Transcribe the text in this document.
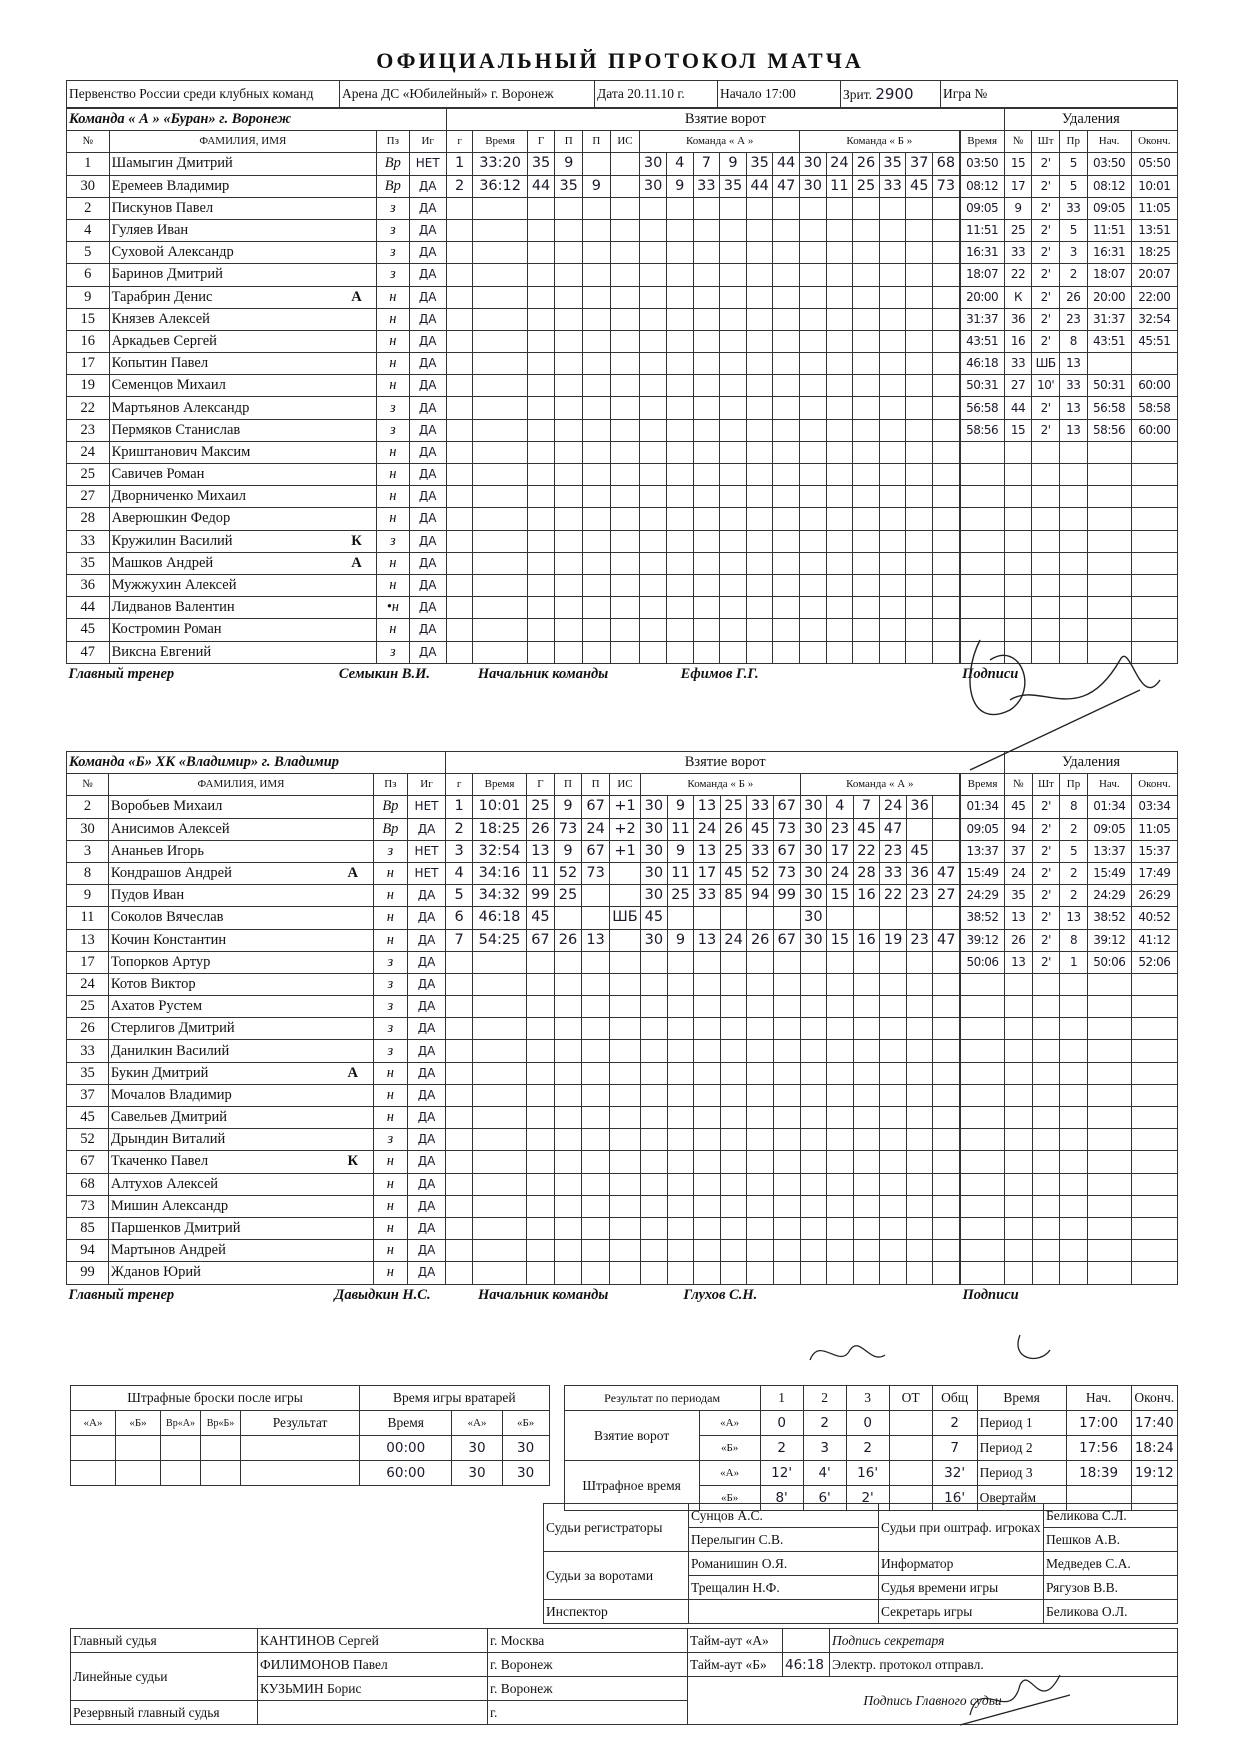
ОФИЦИАЛЬНЫЙ ПРОТОКОЛ МАТЧА
Первенство России среди клубных команд	Арена ДС «Юбилейный» г. Воронеж	Дата 20.11.10 г.	Начало 17:00	Зрит. 2900	Игра №
Команда « А » «Буран» г. Воронеж					Взятие ворот																			Удаления				
№	ФАМИЛИЯ, ИМЯ		Пз	Иг	г	Время	Г	П	П	ИС	Команда « А »						Команда « Б »						Время	№	Шт	Пр	Нач.	Оконч.
1	Шамыгин Дмитрий		Вр	НЕТ	1	33:20	35	9			30	4	7	9	35	44	30	24	26	35	37	68		03:50	15	2'	5	03:50	05:50
30	Еремеев Владимир		Вр	ДА	2	36:12	44	35	9		30	9	33	35	44	47	30	11	25	33	45	73		08:12	17	2'	5	08:12	10:01
2	Пискунов Павел		з	ДА																				09:05	9	2'	33	09:05	11:05
4	Гуляев Иван		з	ДА																				11:51	25	2'	5	11:51	13:51
5	Суховой Александр		з	ДА																				16:31	33	2'	3	16:31	18:25
6	Баринов Дмитрий		з	ДА																				18:07	22	2'	2	18:07	20:07
9	Тарабрин Денис	А	н	ДА																				20:00	К	2'	26	20:00	22:00
15	Князев Алексей		н	ДА																				31:37	36	2'	23	31:37	32:54
16	Аркадьев Сергей		н	ДА																				43:51	16	2'	8	43:51	45:51
17	Копытин Павел		н	ДА																				46:18	33	ШБ	13		
19	Семенцов Михаил		н	ДА																				50:31	27	10'	33	50:31	60:00
22	Мартьянов Александр		з	ДА																				56:58	44	2'	13	56:58	58:58
23	Пермяков Станислав		з	ДА																				58:56	15	2'	13	58:56	60:00
24	Криштанович Максим		н	ДА																									
25	Савичев Роман		н	ДА																									
27	Дворниченко Михаил		н	ДА																									
28	Аверюшкин Федор		н	ДА																									
33	Кружилин Василий	К	з	ДА																									
35	Машков Андрей	А	н	ДА																									
36	Мужжухин Алексей		н	ДА																									
44	Лидванов Валентин		•н	ДА																									
45	Костромин Роман		н	ДА																									
47	Виксна Евгений		з	ДА																									
Главный тренер		Семыкин В.И.			Начальник команды						Ефимов Г.Г.												Подписи					
Команда «Б» ХК «Владимир» г. Владимир					Взятие ворот																			Удаления				
№	ФАМИЛИЯ, ИМЯ		Пз	Иг	г	Время	Г	П	П	ИС	Команда « Б »						Команда « А »						Время	№	Шт	Пр	Нач.	Оконч.
2	Воробьев Михаил		Вр	НЕТ	1	10:01	25	9	67	+1	30	9	13	25	33	67	30	4	7	24	36			01:34	45	2'	8	01:34	03:34
30	Анисимов Алексей		Вр	ДА	2	18:25	26	73	24	+2	30	11	24	26	45	73	30	23	45	47				09:05	94	2'	2	09:05	11:05
3	Ананьев Игорь		з	НЕТ	3	32:54	13	9	67	+1	30	9	13	25	33	67	30	17	22	23	45			13:37	37	2'	5	13:37	15:37
8	Кондрашов Андрей	А	н	НЕТ	4	34:16	11	52	73		30	11	17	45	52	73	30	24	28	33	36	47		15:49	24	2'	2	15:49	17:49
9	Пудов Иван		н	ДА	5	34:32	99	25			30	25	33	85	94	99	30	15	16	22	23	27		24:29	35	2'	2	24:29	26:29
11	Соколов Вячеслав		н	ДА	6	46:18	45			ШБ	45						30							38:52	13	2'	13	38:52	40:52
13	Кочин Константин		н	ДА	7	54:25	67	26	13		30	9	13	24	26	67	30	15	16	19	23	47		39:12	26	2'	8	39:12	41:12
17	Топорков Артур		з	ДА																				50:06	13	2'	1	50:06	52:06
24	Котов Виктор		з	ДА																									
25	Ахатов Рустем		з	ДА																									
26	Стерлигов Дмитрий		з	ДА																									
33	Данилкин Василий		з	ДА																									
35	Букин Дмитрий	А	н	ДА																									
37	Мочалов Владимир		н	ДА																									
45	Савельев Дмитрий		н	ДА																									
52	Дрындин Виталий		з	ДА																									
67	Ткаченко Павел	К	н	ДА																									
68	Алтухов Алексей		н	ДА																									
73	Мишин Александр		н	ДА																									
85	Паршенков Дмитрий		н	ДА																									
94	Мартынов Андрей		н	ДА																									
99	Жданов Юрий		н	ДА																									
Главный тренер		Давыдкин Н.С.			Начальник команды						Глухов С.Н.												Подписи					
Штрафные броски после игры					Время игры вратарей				Результат по периодам		1	2	3	ОТ	Общ	Время	Нач.	Оконч.
«А»	«Б»	Вр«А»	Вр«Б»	Результат	Время	«А»	«Б»		Взятие ворот	«А»	0	2	0		2	Период 1	17:00	17:40
					00:00	30	30			«Б»	2	3	2		7	Период 2	17:56	18:24
					60:00	30	30		Штрафное время	«А»	12'	4'	16'		32'	Период 3	18:39	19:12
										«Б»	8'	6'	2'		16'	Овертайм		
Судьи регистраторы	Сунцов А.С.	Судьи при оштраф. игроках	Беликова С.Л.
	Перелыгин С.В.		Пешков А.В.
Судьи за воротами	Романишин О.Я.	Информатор	Медведев С.А.
	Трещалин Н.Ф.	Судья времени игры	Рягузов В.В.
Инспектор		Секретарь игры	Беликова О.Л.
Главный судья	КАНТИНОВ Сергей	г. Москва	Тайм-аут «А»		Подпись секретаря
Линейные судьи	ФИЛИМОНОВ Павел	г. Воронеж	Тайм-аут «Б»	46:18	Электр. протокол отправл.
	КУЗЬМИН Борис	г. Воронеж	Подпись Главного судьи		
Резервный главный судья		г.			
